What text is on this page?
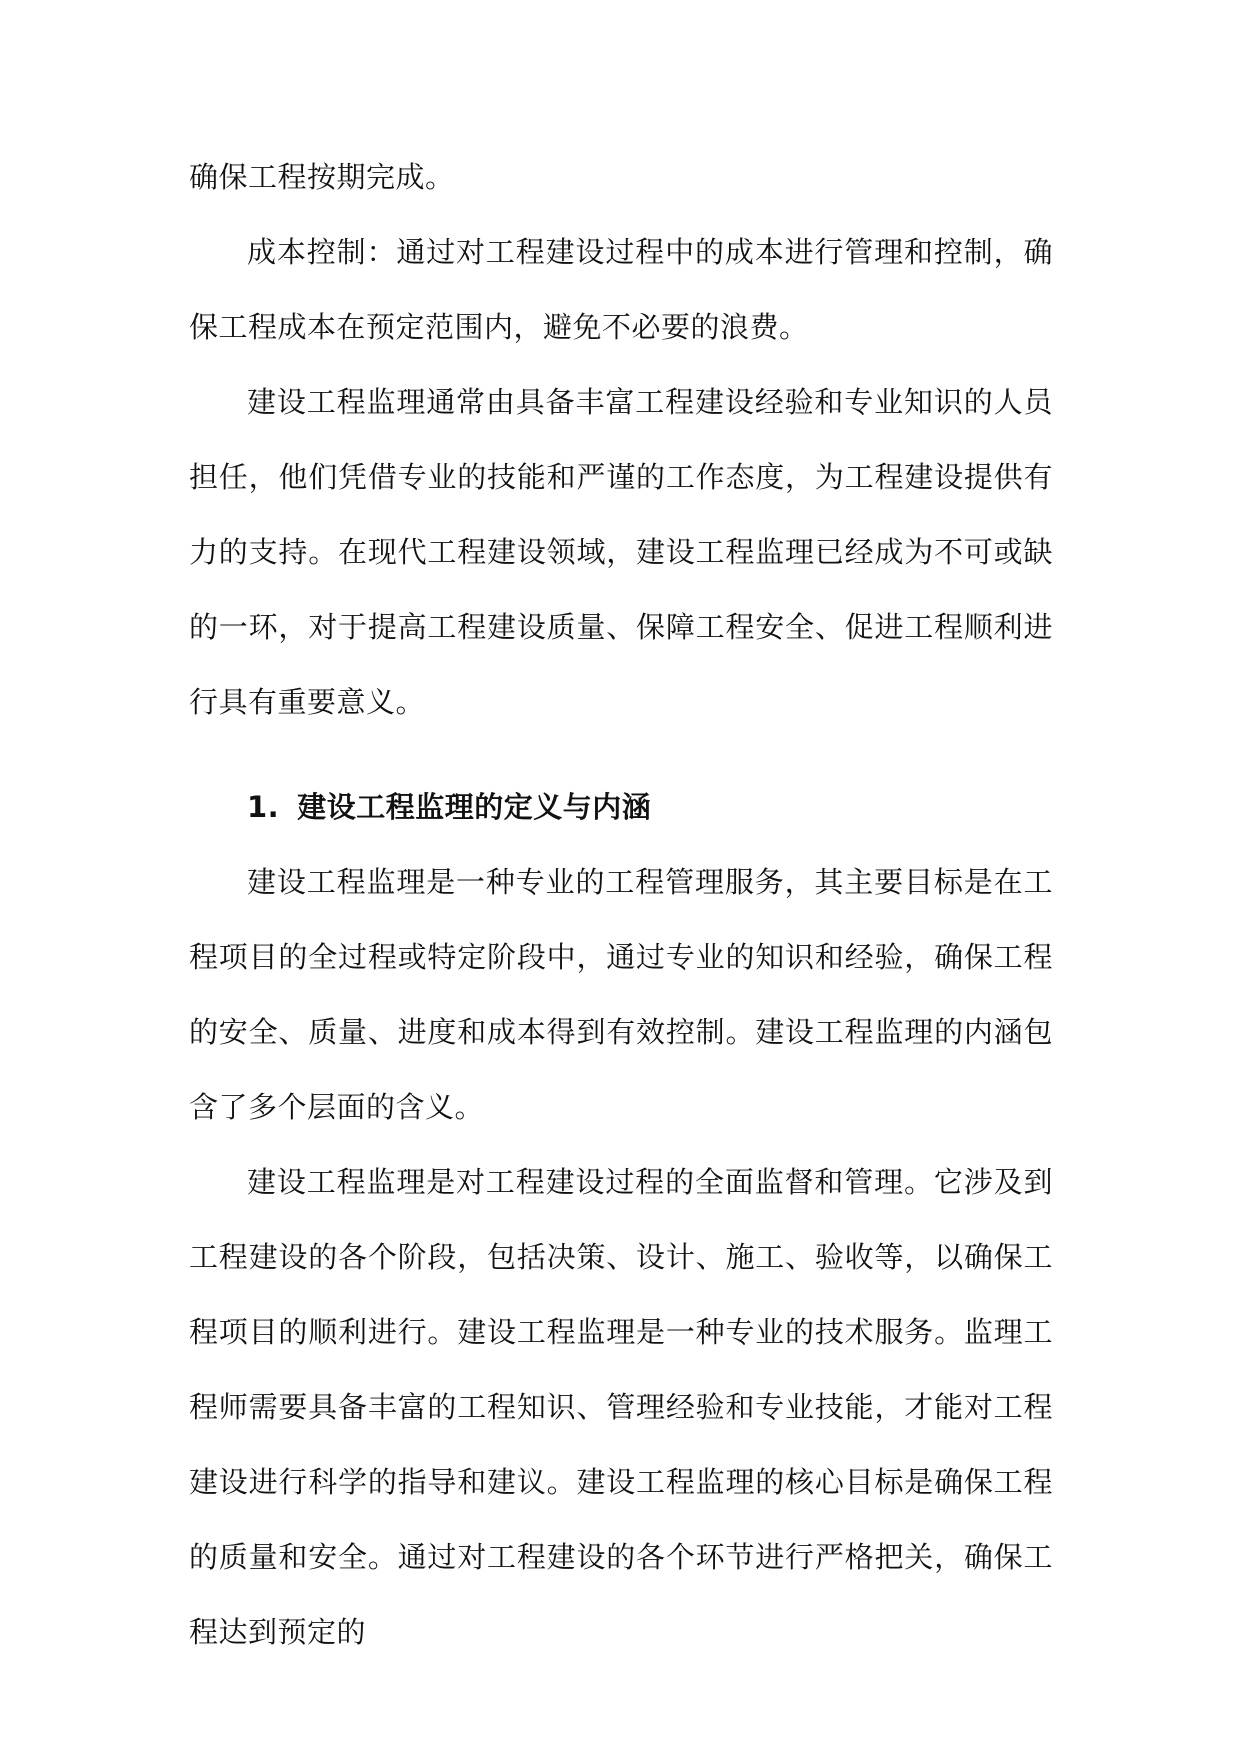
确保工程按期完成。

成本控制：通过对工程建设过程中的成本进行管理和控制，确保工程成本在预定范围内，避免不必要的浪费。

建设工程监理通常由具备丰富工程建设经验和专业知识的人员担任，他们凭借专业的技能和严谨的工作态度，为工程建设提供有力的支持。在现代工程建设领域，建设工程监理已经成为不可或缺的一环，对于提高工程建设质量、保障工程安全、促进工程顺利进行具有重要意义。

1. 建设工程监理的定义与内涵

建设工程监理是一种专业的工程管理服务，其主要目标是在工程项目的全过程或特定阶段中，通过专业的知识和经验，确保工程的安全、质量、进度和成本得到有效控制。建设工程监理的内涵包含了多个层面的含义。

建设工程监理是对工程建设过程的全面监督和管理。它涉及到工程建设的各个阶段，包括决策、设计、施工、验收等，以确保工程项目的顺利进行。建设工程监理是一种专业的技术服务。监理工程师需要具备丰富的工程知识、管理经验和专业技能，才能对工程建设进行科学的指导和建议。建设工程监理的核心目标是确保工程的质量和安全。通过对工程建设的各个环节进行严格把关，确保工程达到预定的
